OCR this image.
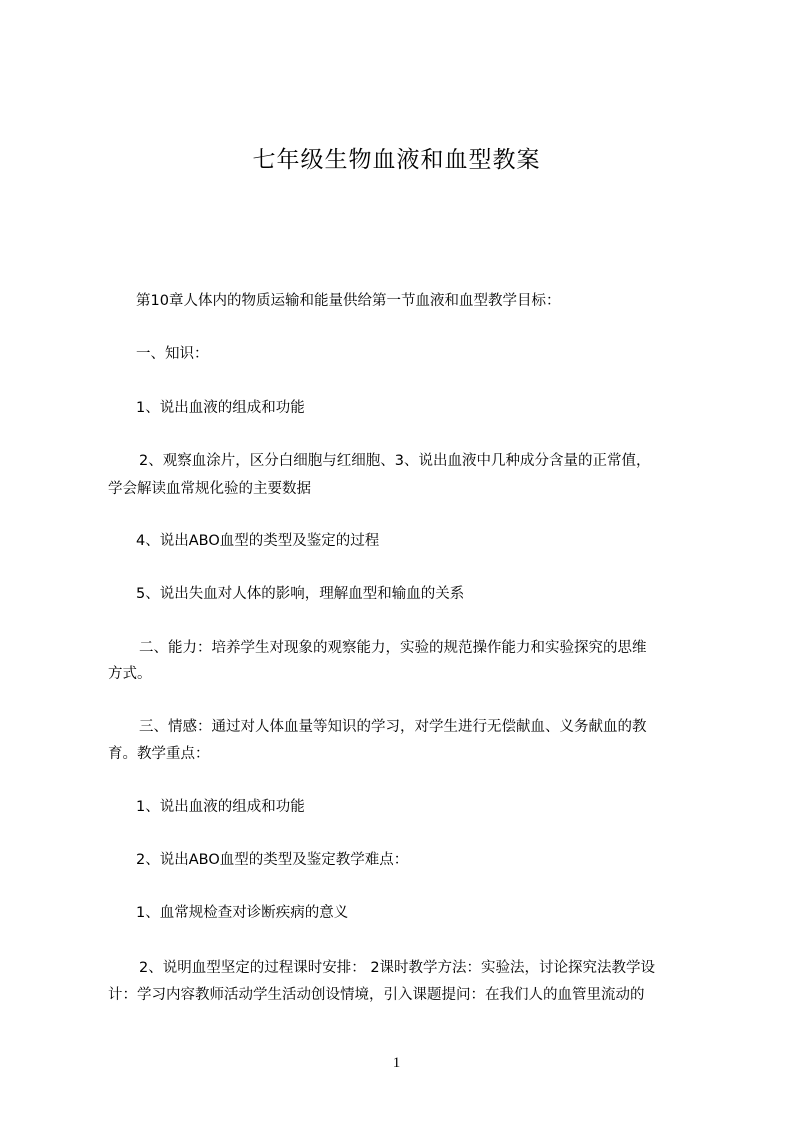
七年级生物血液和血型教案
第10章人体内的物质运输和能量供给第一节血液和血型教学目标：
一、知识：
1、说出血液的组成和功能
2、观察血涂片，区分白细胞与红细胞、3、说出血液中几种成分含量的正常值，
学会解读血常规化验的主要数据
4、说出ABO血型的类型及鉴定的过程
5、说出失血对人体的影响，理解血型和输血的关系
二、能力：培养学生对现象的观察能力，实验的规范操作能力和实验探究的思维
方式。
三、情感：通过对人体血量等知识的学习，对学生进行无偿献血、义务献血的教
育。教学重点：
1、说出血液的组成和功能
2、说出ABO血型的类型及鉴定教学难点：
1、血常规检查对诊断疾病的意义
2、说明血型坚定的过程课时安排： 2课时教学方法：实验法，讨论探究法教学设
计：学习内容教师活动学生活动创设情境，引入课题提问：在我们人的血管里流动的
1
